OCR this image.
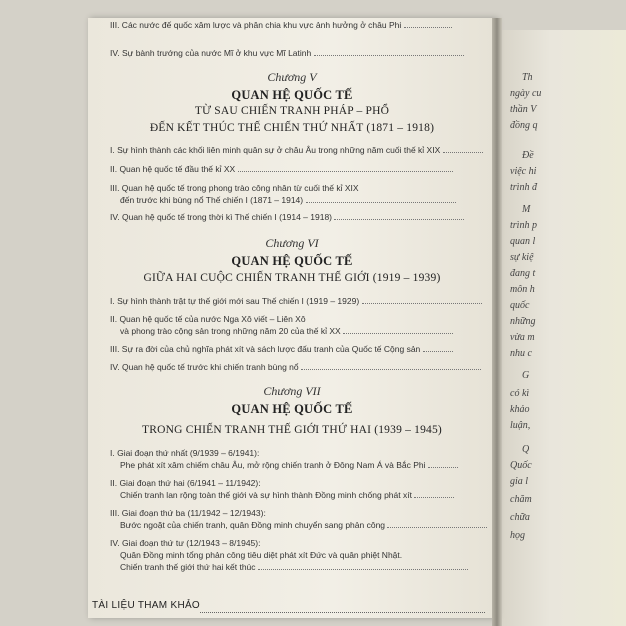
III. Các nước đế quốc xâm lược và phân chia khu vực ảnh hưởng ở châu Phi
IV. Sự bành trướng của nước Mĩ ở khu vực Mĩ Latinh
Chương V
QUAN HỆ QUỐC TẾ
TỪ SAU CHIẾN TRANH PHÁP – PHỔ
ĐẾN KẾT THÚC THẾ CHIẾN THỨ NHẤT (1871 – 1918)
I. Sự hình thành các khối liên minh quân sự ở châu Âu trong những năm cuối thế kỉ XIX
II. Quan hệ quốc tế đầu thế kỉ XX
III. Quan hệ quốc tế trong phong trào công nhân từ cuối thế kỉ XIX
đến trước khi bùng nổ Thế chiến I (1871 – 1914)
IV. Quan hệ quốc tế trong thời kì Thế chiến I (1914 – 1918)
Chương VI
QUAN HỆ QUỐC TẾ
GIỮA HAI CUỘC CHIẾN TRANH THẾ GIỚI (1919 – 1939)
I. Sự hình thành trật tự thế giới mới sau Thế chiến I (1919 – 1929)
II. Quan hệ quốc tế của nước Nga Xô viết – Liên Xô
và phong trào cộng sản trong những năm 20 của thế kỉ XX
III. Sự ra đời của chủ nghĩa phát xít và sách lược đấu tranh của Quốc tế Cộng sản
IV. Quan hệ quốc tế trước khi chiến tranh bùng nổ
Chương VII
QUAN HỆ QUỐC TẾ
TRONG CHIẾN TRANH THẾ GIỚI THỨ HAI (1939 – 1945)
I. Giai đoạn thứ nhất (9/1939 – 6/1941):
Phe phát xít xâm chiếm châu Âu, mở rộng chiến tranh ở Đông Nam Á và Bắc Phi
II. Giai đoạn thứ hai (6/1941 – 11/1942):
Chiến tranh lan rộng toàn thế giới và sự hình thành Đồng minh chống phát xít
III. Giai đoạn thứ ba (11/1942 – 12/1943):
Bước ngoặt của chiến tranh, quân Đồng minh chuyển sang phản công
IV. Giai đoạn thứ tư (12/1943 – 8/1945):
Quân Đồng minh tổng phản công tiêu diệt phát xít Đức và quân phiệt Nhật.
Chiến tranh thế giới thứ hai kết thúc
TÀI LIỆU THAM KHẢO
Th
ngày cu
thần V
đồng q
Đề
việc hi
trình đ
M
trình p
quan l
sự kiệ
đang t
môn h
quốc
những
vừa m
nhu c
G
có kì
khảo
luận,
Q
Quốc
gia l
chăm
chữa
họg
